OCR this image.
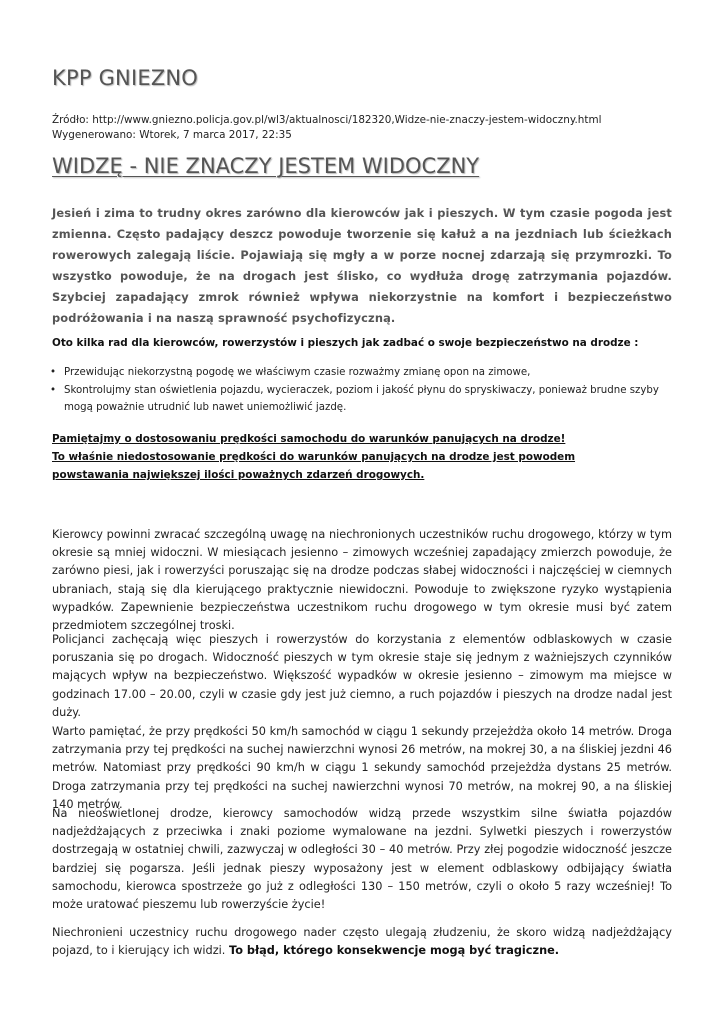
KPP GNIEZNO
Źródło: http://www.gniezno.policja.gov.pl/wl3/aktualnosci/182320,Widze-nie-znaczy-jestem-widoczny.html
Wygenerowano: Wtorek, 7 marca 2017, 22:35
WIDZĘ - NIE ZNACZY JESTEM WIDOCZNY

Jesień i zima to trudny okres zarówno dla kierowców jak i pieszych. W tym czasie pogoda jest zmienna. Często padający deszcz powoduje tworzenie się kałuż a na jezdniach lub ścieżkach rowerowych zalegają liście. Pojawiają się mgły a w porze nocnej zdarzają się przymrozki. To wszystko powoduje, że na drogach jest ślisko, co wydłuża drogę zatrzymania pojazdów. Szybciej zapadający zmrok również wpływa niekorzystnie na komfort i bezpieczeństwo podróżowania i na naszą sprawność psychofizyczną.

Oto kilka rad dla kierowców, rowerzystów i pieszych jak zadbać o swoje bezpieczeństwo na drodze :

• Przewidując niekorzystną pogodę we właściwym czasie rozważmy zmianę opon na zimowe,
• Skontrolujmy stan oświetlenia pojazdu, wycieraczek, poziom i jakość płynu do spryskiwaczy, ponieważ brudne szyby mogą poważnie utrudnić lub nawet uniemożliwić jazdę.
Pamiętajmy o dostosowaniu prędkości samochodu do warunków panujących na drodze!
To właśnie niedostosowanie prędkości do warunków panujących na drodze jest powodem
powstawania największej ilości poważnych zdarzeń drogowych.

Kierowcy powinni zwracać szczególną uwagę na niechronionych uczestników ruchu drogowego, którzy w tym okresie są mniej widoczni. W miesiącach jesienno – zimowych wcześniej zapadający zmierzch powoduje, że zarówno piesi, jak i rowerzyści poruszając się na drodze podczas słabej widoczności i najczęściej w ciemnych ubraniach, stają się dla kierującego praktycznie niewidoczni. Powoduje to zwiększone ryzyko wystąpienia wypadków. Zapewnienie bezpieczeństwa uczestnikom ruchu drogowego w tym okresie musi być zatem przedmiotem szczególnej troski.

Policjanci zachęcają więc pieszych i rowerzystów do korzystania z elementów odblaskowych w czasie poruszania się po drogach. Widoczność pieszych w tym okresie staje się jednym z ważniejszych czynników mających wpływ na bezpieczeństwo. Większość wypadków w okresie jesienno – zimowym ma miejsce w godzinach 17.00 – 20.00, czyli w czasie gdy jest już ciemno, a ruch pojazdów i pieszych na drodze nadal jest duży.

Warto pamiętać, że przy prędkości 50 km/h samochód w ciągu 1 sekundy przejeżdża około 14 metrów. Droga zatrzymania przy tej prędkości na suchej nawierzchni wynosi 26 metrów, na mokrej 30, a na śliskiej jezdni 46 metrów. Natomiast przy prędkości 90 km/h w ciągu 1 sekundy samochód przejeżdża dystans 25 metrów. Droga zatrzymania przy tej prędkości na suchej nawierzchni wynosi 70 metrów, na mokrej 90, a na śliskiej 140 metrów.

Na nieoświetlonej drodze, kierowcy samochodów widzą przede wszystkim silne światła pojazdów nadjeżdżających z przeciwka i znaki poziome wymalowane na jezdni. Sylwetki pieszych i rowerzystów dostrzegają w ostatniej chwili, zazwyczaj w odległości 30 – 40 metrów. Przy złej pogodzie widoczność jeszcze bardziej się pogarsza. Jeśli jednak pieszy wyposażony jest w element odblaskowy odbijający światła samochodu, kierowca spostrzeże go już z odległości 130 – 150 metrów, czyli o około 5 razy wcześniej! To może uratować pieszemu lub rowerzyście życie!

Niechronieni uczestnicy ruchu drogowego nader często ulegają złudzeniu, że skoro widzą nadjeżdżający pojazd, to i kierujący ich widzi. To błąd, którego konsekwencje mogą być tragiczne.
